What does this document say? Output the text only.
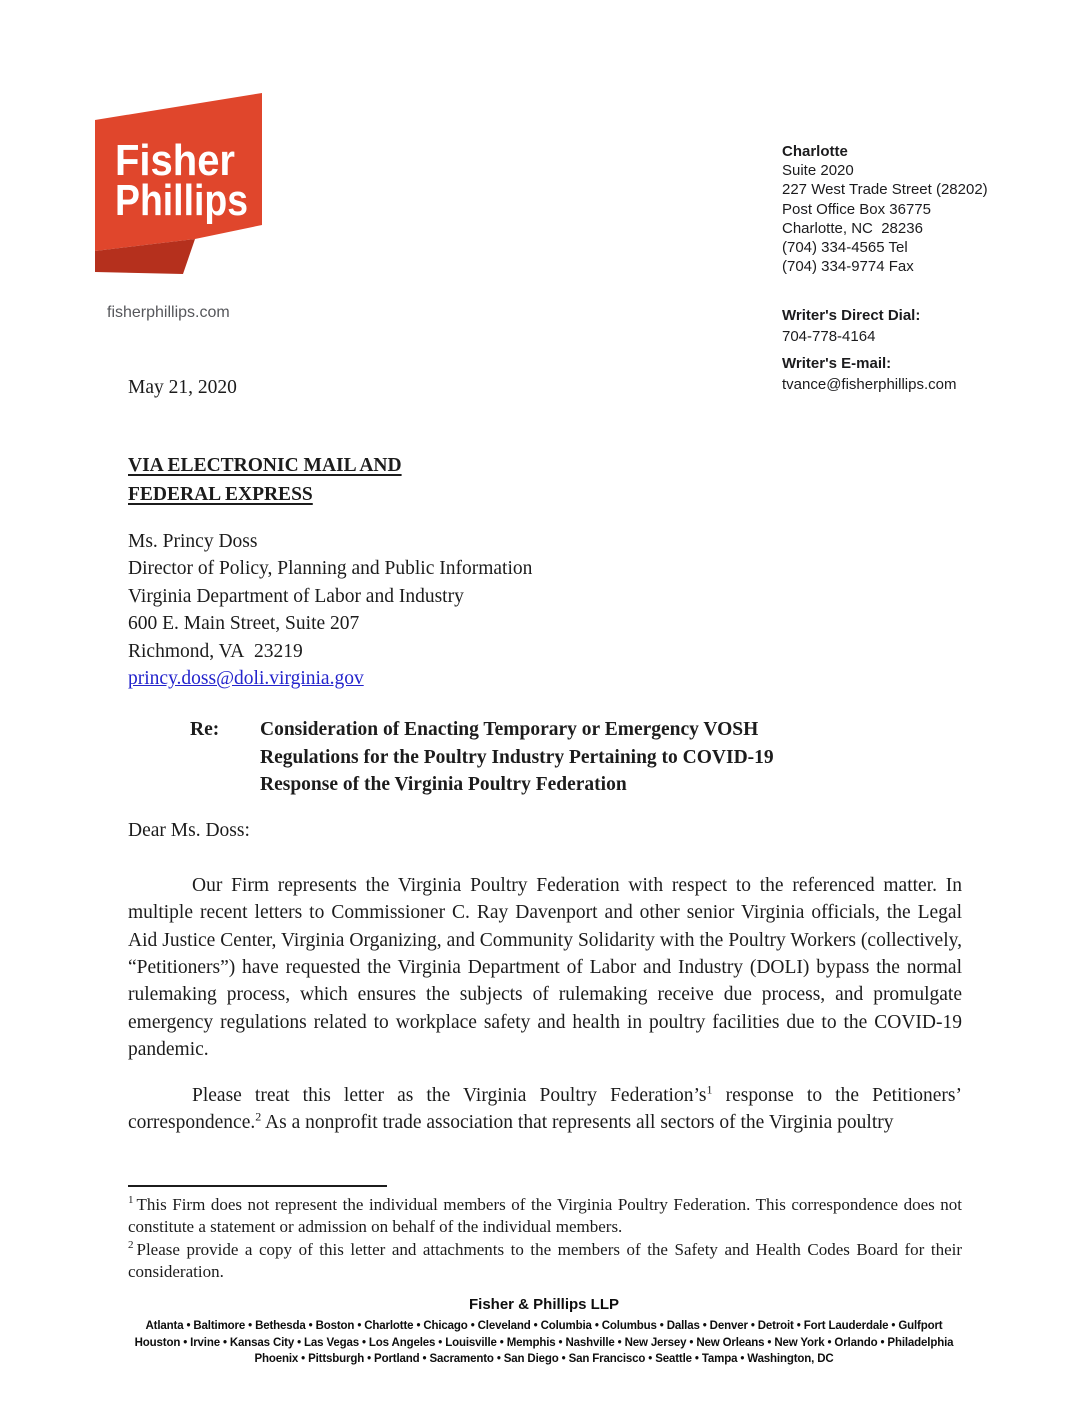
Fisher
Phillips
fisherphillips.com
Charlotte
Suite 2020
227 West Trade Street (28202)
Post Office Box 36775
Charlotte, NC  28236
(704) 334-4565 Tel
(704) 334-9774 Fax
Writer's Direct Dial:
704-778-4164
Writer's E-mail:
tvance@fisherphillips.com
May 21, 2020
VIA ELECTRONIC MAIL AND
FEDERAL EXPRESS
Ms. Princy Doss
Director of Policy, Planning and Public Information
Virginia Department of Labor and Industry
600 E. Main Street, Suite 207
Richmond, VA  23219
princy.doss@doli.virginia.gov
Re:	Consideration of Enacting Temporary or Emergency VOSH
Regulations for the Poultry Industry Pertaining to COVID-19
Response of the Virginia Poultry Federation
Dear Ms. Doss:
Our Firm represents the Virginia Poultry Federation with respect to the referenced matter. In multiple recent letters to Commissioner C. Ray Davenport and other senior Virginia officials, the Legal Aid Justice Center, Virginia Organizing, and Community Solidarity with the Poultry Workers (collectively, “Petitioners”) have requested the Virginia Department of Labor and Industry (DOLI) bypass the normal rulemaking process, which ensures the subjects of rulemaking receive due process, and promulgate emergency regulations related to workplace safety and health in poultry facilities due to the COVID-19 pandemic.
Please treat this letter as the Virginia Poultry Federation’s$^1$ response to the Petitioners’ correspondence.$^2$ As a nonprofit trade association that represents all sectors of the Virginia poultry
$^1$ This Firm does not represent the individual members of the Virginia Poultry Federation. This correspondence does not constitute a statement or admission on behalf of the individual members.
$^2$ Please provide a copy of this letter and attachments to the members of the Safety and Health Codes Board for their consideration.
Fisher & Phillips LLP
Atlanta • Baltimore • Bethesda • Boston • Charlotte • Chicago • Cleveland • Columbia • Columbus • Dallas • Denver • Detroit • Fort Lauderdale • Gulfport
Houston • Irvine • Kansas City • Las Vegas • Los Angeles • Louisville • Memphis • Nashville • New Jersey • New Orleans • New York • Orlando • Philadelphia
Phoenix • Pittsburgh • Portland • Sacramento • San Diego • San Francisco • Seattle • Tampa • Washington, DC
